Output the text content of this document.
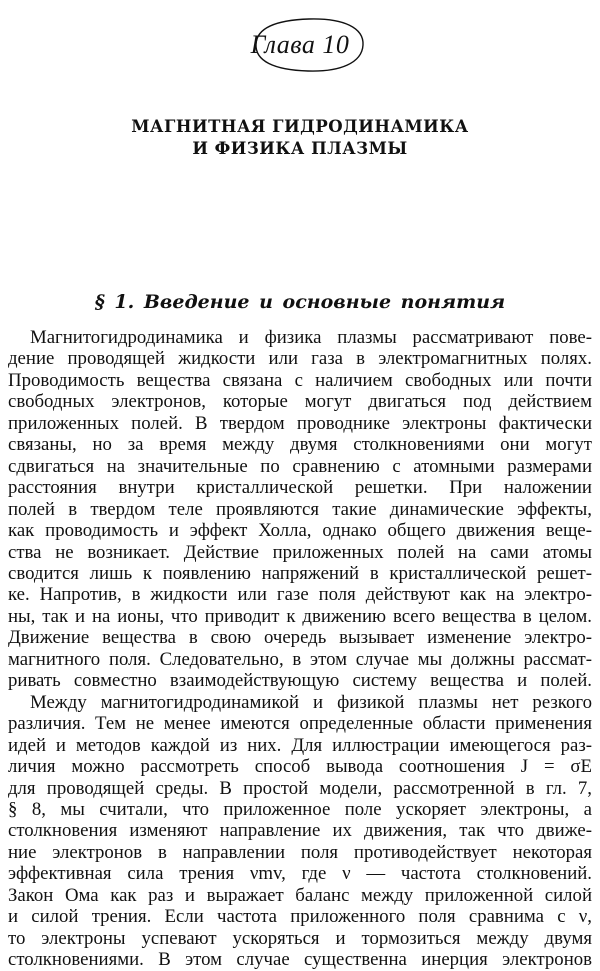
Глава 10
МАГНИТНАЯ ГИДРОДИНАМИКА
И ФИЗИКА ПЛАЗМЫ
§ 1. Введение и основные понятия
Магнитогидродинамика и физика плазмы рассматривают пове-
дение проводящей жидкости или газа в электромагнитных полях.
Проводимость вещества связана с наличием свободных или почти
свободных электронов, которые могут двигаться под действием
приложенных полей. В твердом проводнике электроны фактически
связаны, но за время между двумя столкновениями они могут
сдвигаться на значительные по сравнению с атомными размерами
расстояния внутри кристаллической решетки. При наложении
полей в твердом теле проявляются такие динамические эффекты,
как проводимость и эффект Холла, однако общего движения веще-
ства не возникает. Действие приложенных полей на сами атомы
сводится лишь к появлению напряжений в кристаллической решет-
ке. Напротив, в жидкости или газе поля действуют как на электро-
ны, так и на ионы, что приводит к движению всего вещества в целом.
Движение вещества в свою очередь вызывает изменение электро-
магнитного поля. Следовательно, в этом случае мы должны рассмат-
ривать совместно взаимодействующую систему вещества и полей.
Между магнитогидродинамикой и физикой плазмы нет резкого
различия. Тем не менее имеются определенные области применения
идей и методов каждой из них. Для иллюстрации имеющегося раз-
личия можно рассмотреть способ вывода соотношения J = σE
для проводящей среды. В простой модели, рассмотренной в гл. 7,
§ 8, мы считали, что приложенное поле ускоряет электроны, а
столкновения изменяют направление их движения, так что движе-
ние электронов в направлении поля противодействует некоторая
эффективная сила трения νmv, где ν — частота столкновений.
Закон Ома как раз и выражает баланс между приложенной силой
и силой трения. Если частота приложенного поля сравнима с ν,
то электроны успевают ускоряться и тормозиться между двумя
столкновениями. В этом случае существенна инерция электронов
